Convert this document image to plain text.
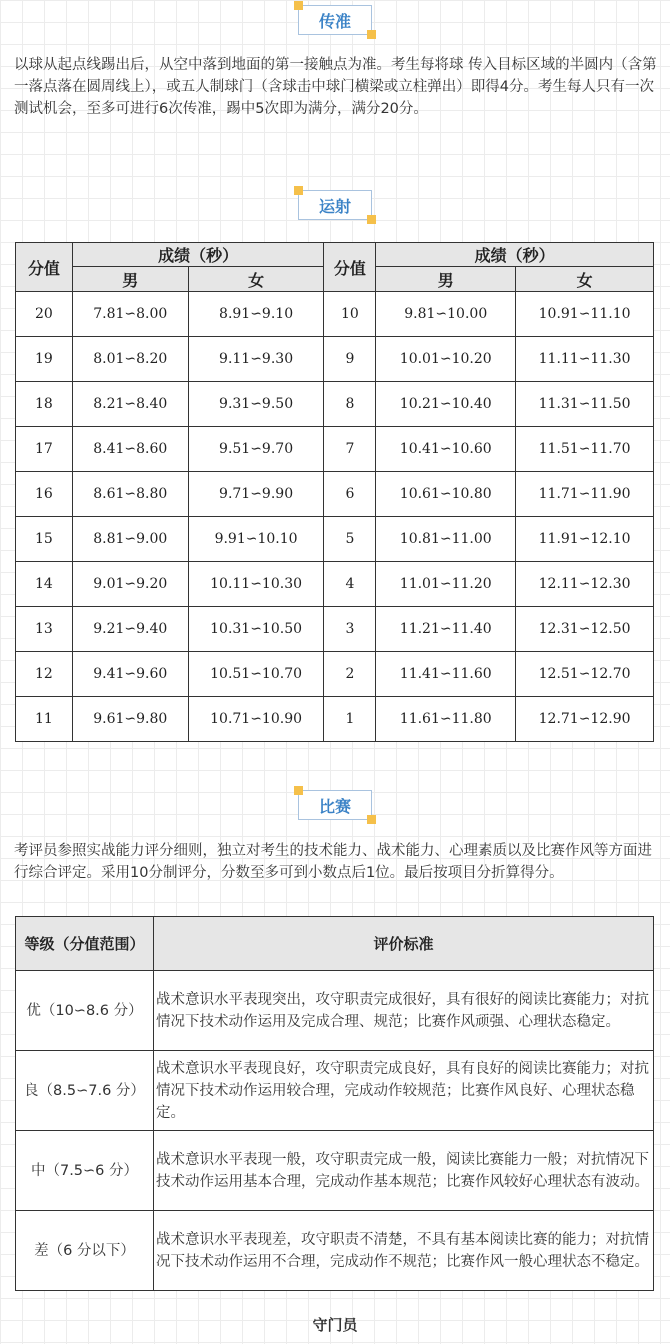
传准

以球从起点线踢出后，从空中落到地面的第一接触点为准。考生每将球 传入目标区域的半圆内（含第一落点落在圆周线上），或五人制球门（含球击中球门横梁或立柱弹出）即得4分。考生每人只有一次测试机会，至多可进行6次传准，踢中5次即为满分，满分20分。

运射
分值	成绩（秒）		分值	成绩（秒）	
	男	女		男	女
20	7.81∽8.00	8.91∽9.10	10	9.81∽10.00	10.91∽11.10
19	8.01∽8.20	9.11∽9.30	9	10.01∽10.20	11.11∽11.30
18	8.21∽8.40	9.31∽9.50	8	10.21∽10.40	11.31∽11.50
17	8.41∽8.60	9.51∽9.70	7	10.41∽10.60	11.51∽11.70
16	8.61∽8.80	9.71∽9.90	6	10.61∽10.80	11.71∽11.90
15	8.81∽9.00	9.91∽10.10	5	10.81∽11.00	11.91∽12.10
14	9.01∽9.20	10.11∽10.30	4	11.01∽11.20	12.11∽12.30
13	9.21∽9.40	10.31∽10.50	3	11.21∽11.40	12.31∽12.50
12	9.41∽9.60	10.51∽10.70	2	11.41∽11.60	12.51∽12.70
11	9.61∽9.80	10.71∽10.90	1	11.61∽11.80	12.71∽12.90
比赛

考评员参照实战能力评分细则，独立对考生的技术能力、战术能力、心理素质以及比赛作风等方面进行综合评定。采用10分制评分，分数至多可到小数点后1位。最后按项目分折算得分。

等级（分值范围）	评价标准
优（10∽8.6 分）	战术意识水平表现突出，攻守职责完成很好，具有很好的阅读比赛能力；对抗情况下技术动作运用及完成合理、规范；比赛作风顽强、心理状态稳定。
良（8.5∽7.6 分）	战术意识水平表现良好，攻守职责完成良好，具有良好的阅读比赛能力；对抗情况下技术动作运用较合理，完成动作较规范；比赛作风良好、心理状态稳定。
中（7.5∽6 分）	战术意识水平表现一般，攻守职责完成一般，阅读比赛能力一般；对抗情况下技术动作运用基本合理，完成动作基本规范；比赛作风较好心理状态有波动。
差（6 分以下）	战术意识水平表现差，攻守职责不清楚，不具有基本阅读比赛的能力；对抗情况下技术动作运用不合理，完成动作不规范；比赛作风一般心理状态不稳定。
守门员
